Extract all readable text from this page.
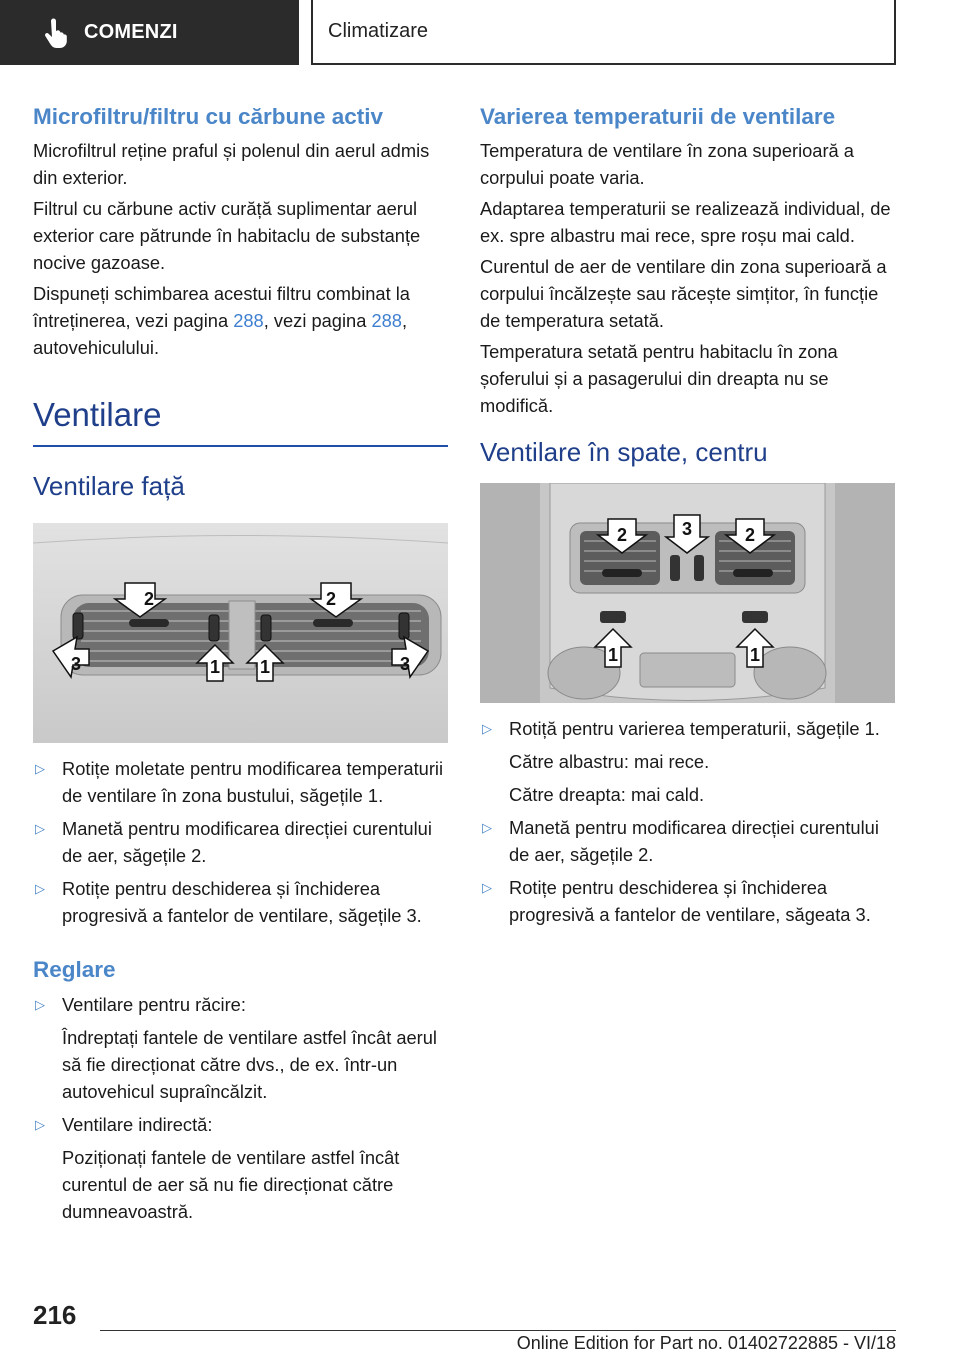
COMENZI	Climatizare
Microfiltru/filtru cu cărbune activ

Microfiltrul reține praful și polenul din aerul admis din exterior.

Filtrul cu cărbune activ curăță suplimentar aerul exterior care pătrunde în habitaclu de substanțe nocive gazoase.

Dispuneți schimbarea acestui filtru combinat la întreținerea, vezi pagina 288, vezi pagina 288, autovehiculului.

Ventilare
Ventilare față
2	2
3	1 1	3
▷ Rotițe moletate pentru modificarea temperaturii de ventilare în zona bustului, săgețile 1.
▷ Manetă pentru modificarea direcției curentului de aer, săgețile 2.
▷ Rotițe pentru deschiderea și închiderea progresivă a fantelor de ventilare, săgețile 3.
Reglare
▷ Ventilare pentru răcire:
Îndreptați fantele de ventilare astfel încât aerul să fie direcționat către dvs., de ex. într-un autovehicul supraîncălzit.
▷ Ventilare indirectă:
Poziționați fantele de ventilare astfel încât curentul de aer să nu fie direcționat către dumneavoastră.
Varierea temperaturii de ventilare

Temperatura de ventilare în zona superioară a corpului poate varia.

Adaptarea temperaturii se realizează individual, de ex. spre albastru mai rece, spre roșu mai cald.

Curentul de aer de ventilare din zona superioară a corpului încălzește sau răcește simțitor, în funcție de temperatura setată.

Temperatura setată pentru habitaclu în zona șoferului și a pasagerului din dreapta nu se modifică.

Ventilare în spate, centru
2	3	2
1	1
▷ Rotiță pentru varierea temperaturii, săgețile 1.
Către albastru: mai rece.
Către dreapta: mai cald.
▷ Manetă pentru modificarea direcției curentului de aer, săgețile 2.
▷ Rotițe pentru deschiderea și închiderea progresivă a fantelor de ventilare, săgeata 3.
216
Online Edition for Part no. 01402722885 - VI/18
